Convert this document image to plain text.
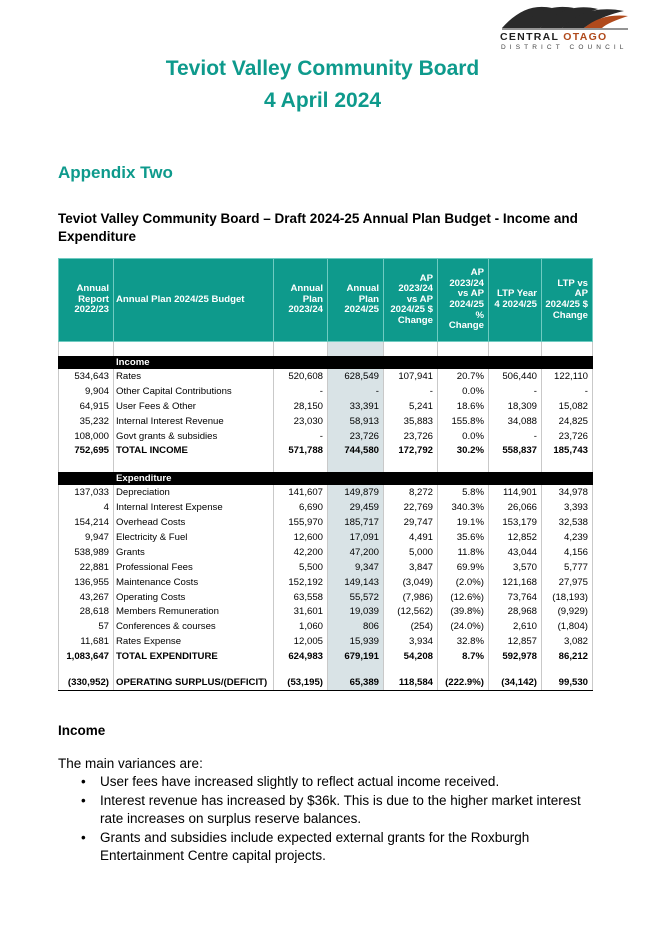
CENTRAL OTAGO
DISTRICT COUNCIL
Teviot Valley Community Board
4 April 2024
Appendix Two
Teviot Valley Community Board – Draft 2024-25 Annual Plan Budget - Income and Expenditure
Annual Report 2022/23	Annual Plan 2024/25 Budget	Annual Plan 2023/24	Annual Plan 2024/25	AP 2023/24 vs AP 2024/25 $ Change	AP 2023/24 vs AP 2024/25 % Change	LTP Year 4 2024/25	LTP vs AP 2024/25 $ Change

	Income						
534,643	Rates	520,608	628,549	107,941	20.7%	506,440	122,110
9,904	Other Capital Contributions	-	-	-	0.0%	-	-
64,915	User Fees & Other	28,150	33,391	5,241	18.6%	18,309	15,082
35,232	Internal Interest Revenue	23,030	58,913	35,883	155.8%	34,088	24,825
108,000	Govt grants & subsidies	-	23,726	23,726	0.0%	-	23,726
752,695	TOTAL INCOME	571,788	744,580	172,792	30.2%	558,837	185,743

	Expenditure						
137,033	Depreciation	141,607	149,879	8,272	5.8%	114,901	34,978
4	Internal Interest Expense	6,690	29,459	22,769	340.3%	26,066	3,393
154,214	Overhead Costs	155,970	185,717	29,747	19.1%	153,179	32,538
9,947	Electricity & Fuel	12,600	17,091	4,491	35.6%	12,852	4,239
538,989	Grants	42,200	47,200	5,000	11.8%	43,044	4,156
22,881	Professional Fees	5,500	9,347	3,847	69.9%	3,570	5,777
136,955	Maintenance Costs	152,192	149,143	(3,049)	(2.0%)	121,168	27,975
43,267	Operating Costs	63,558	55,572	(7,986)	(12.6%)	73,764	(18,193)
28,618	Members Remuneration	31,601	19,039	(12,562)	(39.8%)	28,968	(9,929)
57	Conferences & courses	1,060	806	(254)	(24.0%)	2,610	(1,804)
11,681	Rates Expense	12,005	15,939	3,934	32.8%	12,857	3,082
1,083,647	TOTAL EXPENDITURE	624,983	679,191	54,208	8.7%	592,978	86,212

(330,952)	OPERATING SURPLUS/(DEFICIT)	(53,195)	65,389	118,584	(222.9%)	(34,142)	99,530
Income
The main variances are:
• User fees have increased slightly to reflect actual income received.
• Interest revenue has increased by $36k. This is due to the higher market interest rate increases on surplus reserve balances.
• Grants and subsidies include expected external grants for the Roxburgh Entertainment Centre capital projects.
